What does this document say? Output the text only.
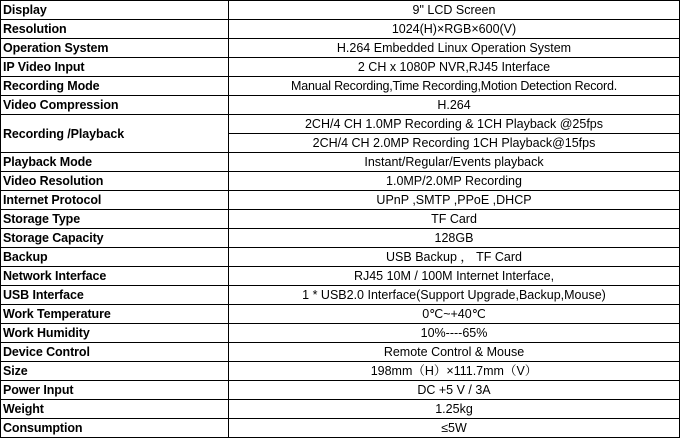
Display	9" LCD Screen
Resolution	1024(H)×RGB×600(V)
Operation System	H.264 Embedded Linux Operation System
IP Video Input	2 CH x 1080P NVR,RJ45 Interface
Recording Mode	Manual Recording,Time Recording,Motion Detection Record.
Video Compression	H.264
Recording /Playback	2CH/4 CH 1.0MP Recording & 1CH Playback @25fps
	2CH/4 CH 2.0MP Recording 1CH Playback@15fps
Playback Mode	Instant/Regular/Events playback
Video Resolution	1.0MP/2.0MP Recording
Internet Protocol	UPnP ,SMTP ,PPoE ,DHCP
Storage Type	TF Card
Storage Capacity	128GB
Backup	USB Backup ， TF Card
Network Interface	RJ45 10M / 100M Internet Interface,
USB Interface	1 * USB2.0 Interface(Support Upgrade,Backup,Mouse)
Work Temperature	0℃~+40℃
Work Humidity	10%----65%
Device Control	Remote Control & Mouse
Size	198mm（H）×111.7mm（V）
Power Input	DC +5 V / 3A
Weight	1.25kg
Consumption	≤5W
